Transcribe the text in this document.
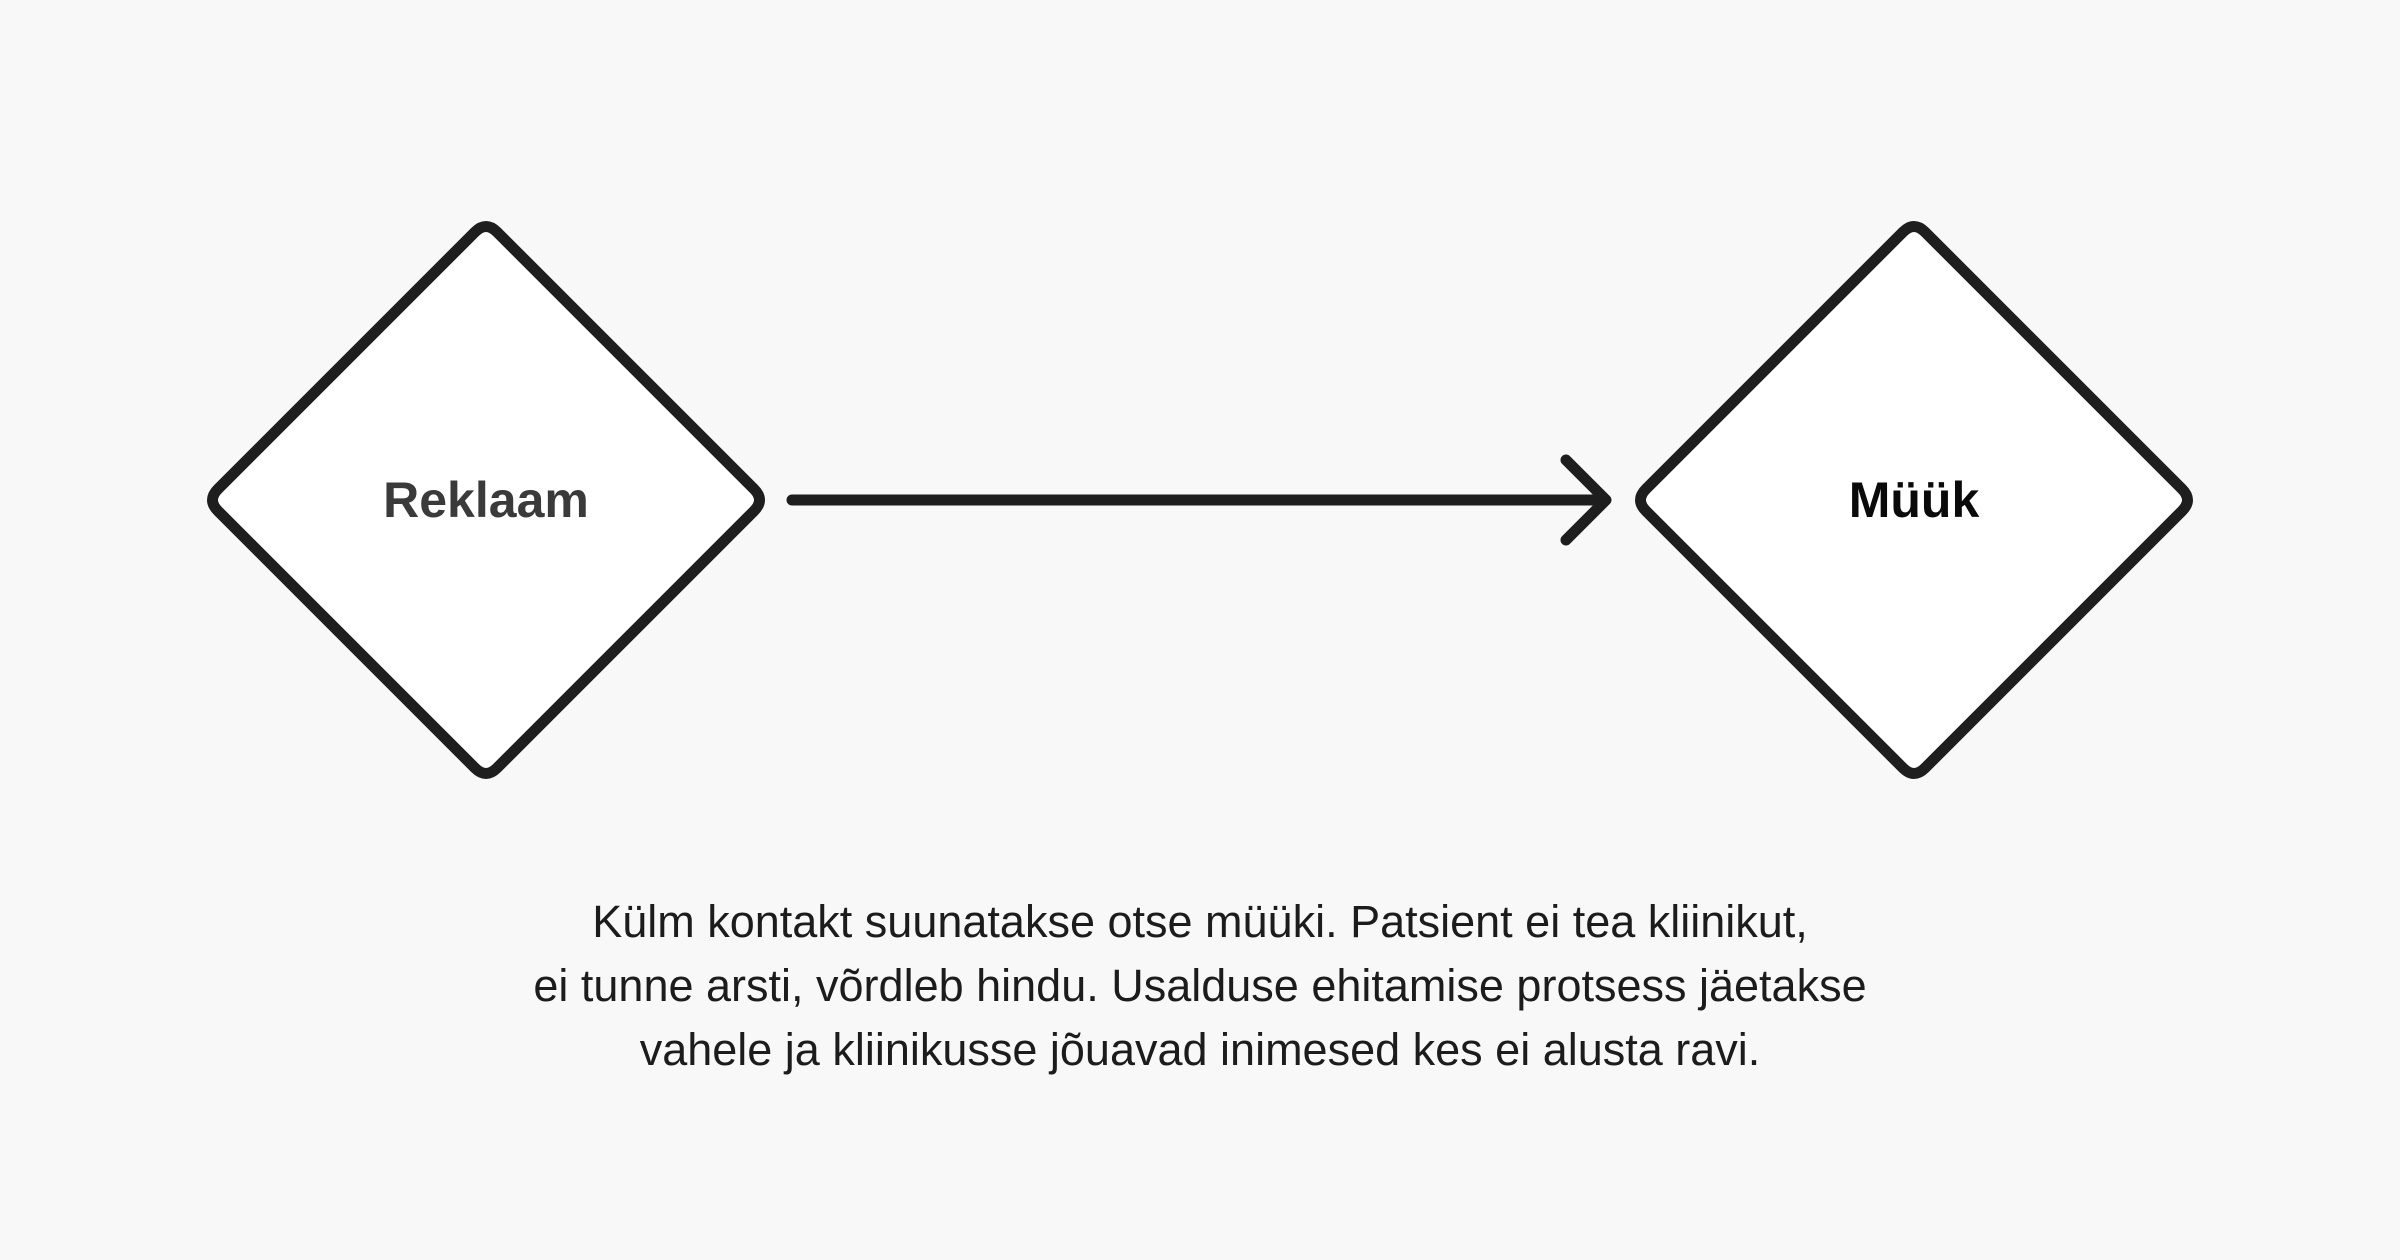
Reklaam	Müük
Külm kontakt suunatakse otse müüki. Patsient ei tea kliinikut,
ei tunne arsti, võrdleb hindu. Usalduse ehitamise protsess jäetakse
vahele ja kliinikusse jõuavad inimesed kes ei alusta ravi.
